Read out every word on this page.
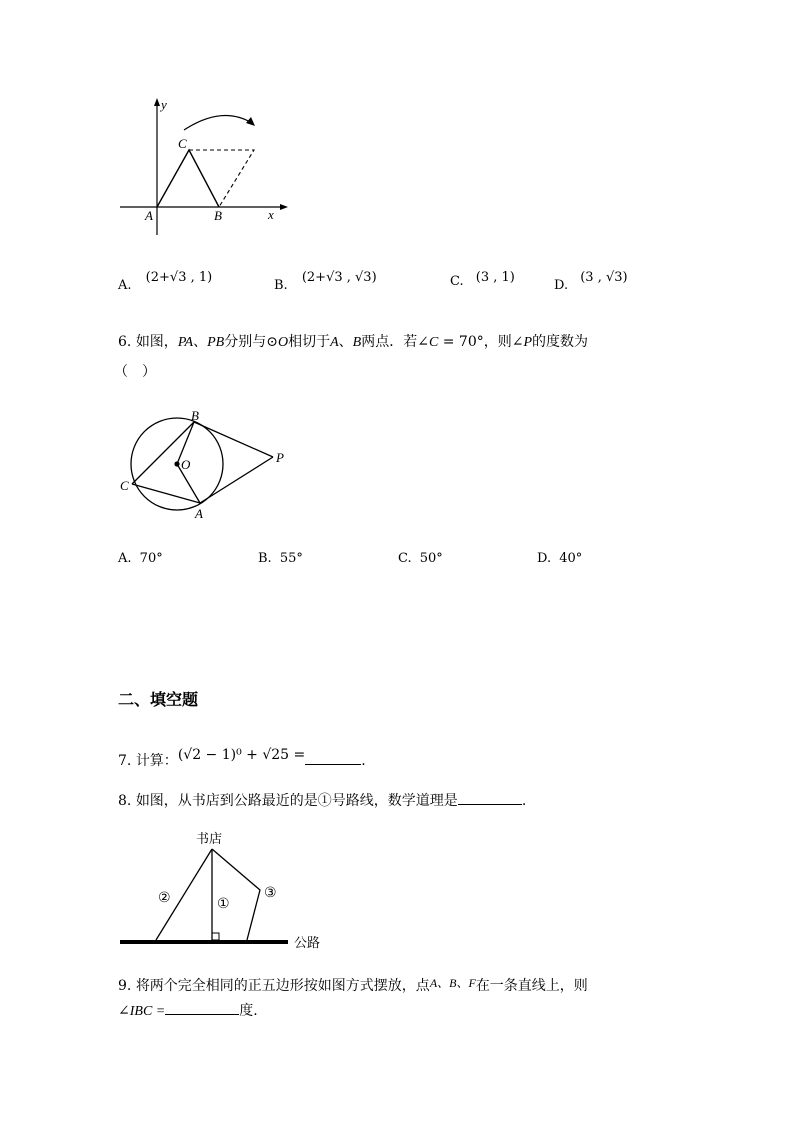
y
x
C
A	B
A. (2+√3 , 1)
B. (2+√3 , √3)	C. (3 , 1)
D. (3 , √3)
6. 如图，PA、PB分别与⊙O相切于A、B两点．若∠C = 70°，则∠P的度数为
（　）
B
O	P
C
A
A. 70°	B. 55°	C. 50°	D. 40°
二、填空题
7. 计算：(√2 − 1)⁰ + √25 =	.
8. 如图，从书店到公路最近的是①号路线，数学道理是	.
书店
公路
①
②	③
9. 将两个完全相同的正五边形按如图方式摆放，点A、B、F在一条直线上，则
∠IBC =	度.
